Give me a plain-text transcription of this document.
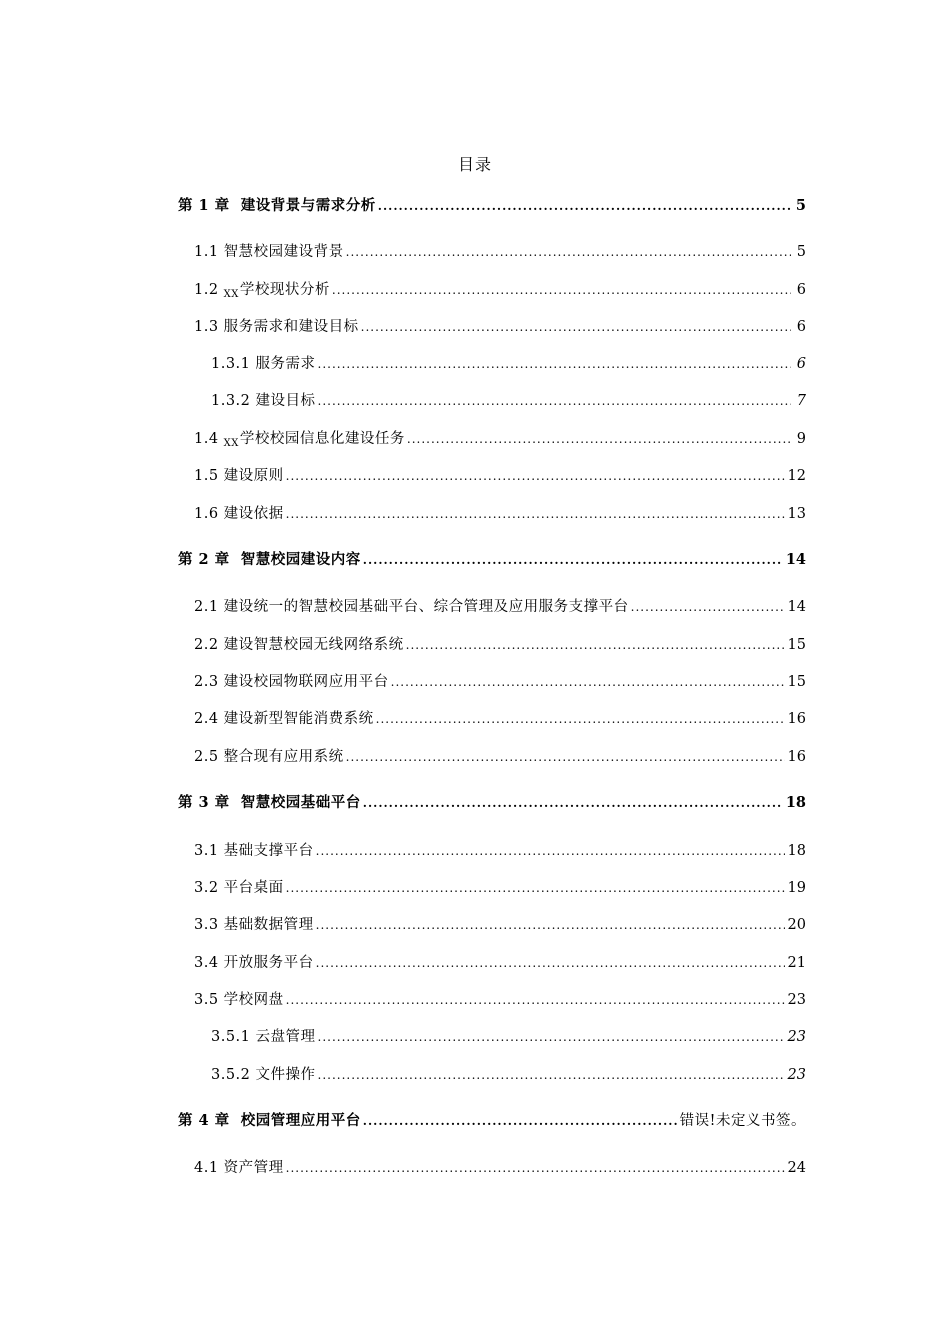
目录
第 1 章 建设背景与需求分析 .....	5
1.1 智慧校园建设背景 .....	5
1.2 $_{XX}$学校现状分析 .....	6
1.3 服务需求和建设目标 .....	6
1.3.1 服务需求 .....	6
1.3.2 建设目标 .....	7
1.4 $_{XX}$学校校园信息化建设任务 .....	9
1.5 建设原则 .....	12
1.6 建设依据 .....	13
第 2 章 智慧校园建设内容 .....	14
2.1 建设统一的智慧校园基础平台、综合管理及应用服务支撑平台 .....	14
2.2 建设智慧校园无线网络系统 .....	15
2.3 建设校园物联网应用平台 .....	15
2.4 建设新型智能消费系统 .....	16
2.5 整合现有应用系统 .....	16
第 3 章 智慧校园基础平台 .....	18
3.1 基础支撑平台 .....	18
3.2 平台桌面 .....	19
3.3 基础数据管理 .....	20
3.4 开放服务平台 .....	21
3.5 学校网盘 .....	23
3.5.1 云盘管理 .....	23
3.5.2 文件操作 .....	23
第 4 章 校园管理应用平台 .....	错误!未定义书签。
4.1 资产管理 .....	24
